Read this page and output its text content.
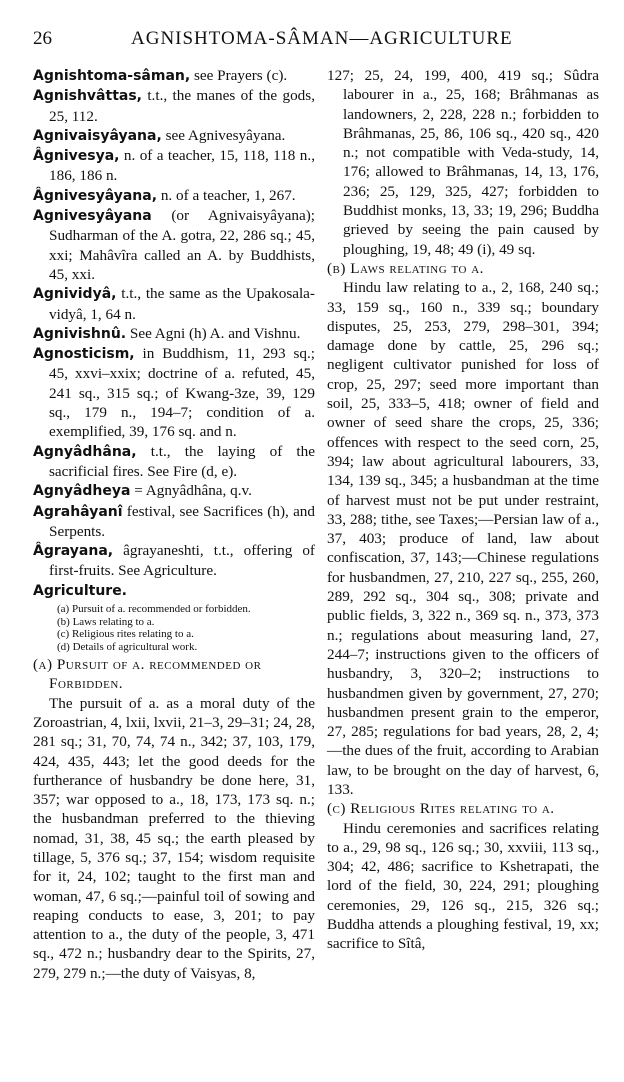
26	AGNISHTOMA-SÂMAN—AGRICULTURE

Agnishtoma-sâman, see Prayers (c).

Agnishvâttas, t.t., the manes of the gods, 25, 112.

Agnivaisyâyana, see Agnivesyâyana.

Âgnivesya, n. of a teacher, 15, 118, 118 n., 186, 186 n.

Âgnivesyâyana, n. of a teacher, 1, 267.

Agnivesyâyana (or Agnivaisyâyana); Sudharman of the A. gotra, 22, 286 sq.; 45, xxi; Mahâvîra called an A. by Buddhists, 45, xxi.

Agnividyâ, t.t., the same as the Upakosala-vidyâ, 1, 64 n.

Agnivishnû. See Agni (h) A. and Vishnu.

Agnosticism, in Buddhism, 11, 293 sq.; 45, xxvi–xxix; doctrine of a. refuted, 45, 241 sq., 315 sq.; of Kwang-3ze, 39, 129 sq., 179 n., 194–7; condition of a. exemplified, 39, 176 sq. and n.

Agnyâdhâna, t.t., the laying of the sacrificial fires. See Fire (d, e).

Agnyâdheya = Agnyâdhâna, q.v.

Agrahâyanî festival, see Sacrifices (h), and Serpents.

Âgrayana, âgrayaneshti, t.t., offering of first-fruits. See Agriculture.

Agriculture.

(a) Pursuit of a. recommended or forbidden.
(b) Laws relating to a.
(c) Religious rites relating to a.
(d) Details of agricultural work.

(a) Pursuit of a. recommended or Forbidden.

The pursuit of a. as a moral duty of the Zoroastrian, 4, lxii, lxvii, 21–3, 29–31; 24, 28, 281 sq.; 31, 70, 74, 74 n., 342; 37, 103, 179, 424, 435, 443; let the good deeds for the furtherance of husbandry be done here, 31, 357; war opposed to a., 18, 173, 173 sq. n.; the husbandman preferred to the thieving nomad, 31, 38, 45 sq.; the earth pleased by tillage, 5, 376 sq.; 37, 154; wisdom requisite for it, 24, 102; taught to the first man and woman, 47, 6 sq.;—painful toil of sowing and reaping conducts to ease, 3, 201; to pay attention to a., the duty of the people, 3, 471 sq., 472 n.; husbandry dear to the Spirits, 27, 279, 279 n.;—the duty of Vaisyas, 8,

127; 25, 24, 199, 400, 419 sq.; Sûdra labourer in a., 25, 168; Brâhmanas as landowners, 2, 228, 228 n.; forbidden to Brâhmanas, 25, 86, 106 sq., 420 sq., 420 n.; not compatible with Veda-study, 14, 176; allowed to Brâhmanas, 14, 13, 176, 236; 25, 129, 325, 427; forbidden to Buddhist monks, 13, 33; 19, 296; Buddha grieved by seeing the pain caused by ploughing, 19, 48; 49 (i), 49 sq.

(b) Laws relating to a.

Hindu law relating to a., 2, 168, 240 sq.; 33, 159 sq., 160 n., 339 sq.; boundary disputes, 25, 253, 279, 298–301, 394; damage done by cattle, 25, 296 sq.; negligent cultivator punished for loss of crop, 25, 297; seed more important than soil, 25, 333–5, 418; owner of field and owner of seed share the crops, 25, 336; offences with respect to the seed corn, 25, 394; law about agricultural labourers, 33, 134, 139 sq., 345; a husbandman at the time of harvest must not be put under restraint, 33, 288; tithe, see Taxes;—Persian law of a., 37, 403; produce of land, law about confiscation, 37, 143;—Chinese regulations for husbandmen, 27, 210, 227 sq., 255, 260, 289, 292 sq., 304 sq., 308; private and public fields, 3, 322 n., 369 sq. n., 373, 373 n.; regulations about measuring land, 27, 244–7; instructions given to the officers of husbandry, 3, 320–2; instructions to husbandmen given by government, 27, 270; husbandmen present grain to the emperor, 27, 285; regulations for bad years, 28, 2, 4;—the dues of the fruit, according to Arabian law, to be brought on the day of harvest, 6, 133.

(c) Religious Rites relating to a.

Hindu ceremonies and sacrifices relating to a., 29, 98 sq., 126 sq.; 30, xxviii, 113 sq., 304; 42, 486; sacrifice to Kshetrapati, the lord of the field, 30, 224, 291; ploughing ceremonies, 29, 126 sq., 215, 326 sq.; Buddha attends a ploughing festival, 19, xx; sacrifice to Sîtâ,
